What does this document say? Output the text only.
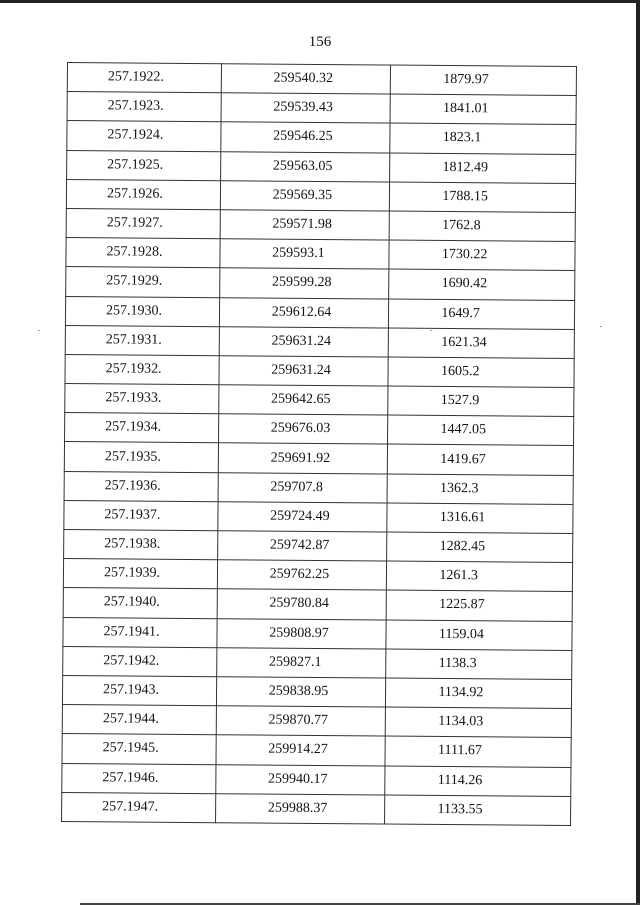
156
257.1922.	259540.32	1879.97
257.1923.	259539.43	1841.01
257.1924.	259546.25	1823.1
257.1925.	259563.05	1812.49
257.1926.	259569.35	1788.15
257.1927.	259571.98	1762.8
257.1928.	259593.1	1730.22
257.1929.	259599.28	1690.42
257.1930.	259612.64	1649.7
257.1931.	259631.24	1621.34
257.1932.	259631.24	1605.2
257.1933.	259642.65	1527.9
257.1934.	259676.03	1447.05
257.1935.	259691.92	1419.67
257.1936.	259707.8	1362.3
257.1937.	259724.49	1316.61
257.1938.	259742.87	1282.45
257.1939.	259762.25	1261.3
257.1940.	259780.84	1225.87
257.1941.	259808.97	1159.04
257.1942.	259827.1	1138.3
257.1943.	259838.95	1134.92
257.1944.	259870.77	1134.03
257.1945.	259914.27	1111.67
257.1946.	259940.17	1114.26
257.1947.	259988.37	1133.55
